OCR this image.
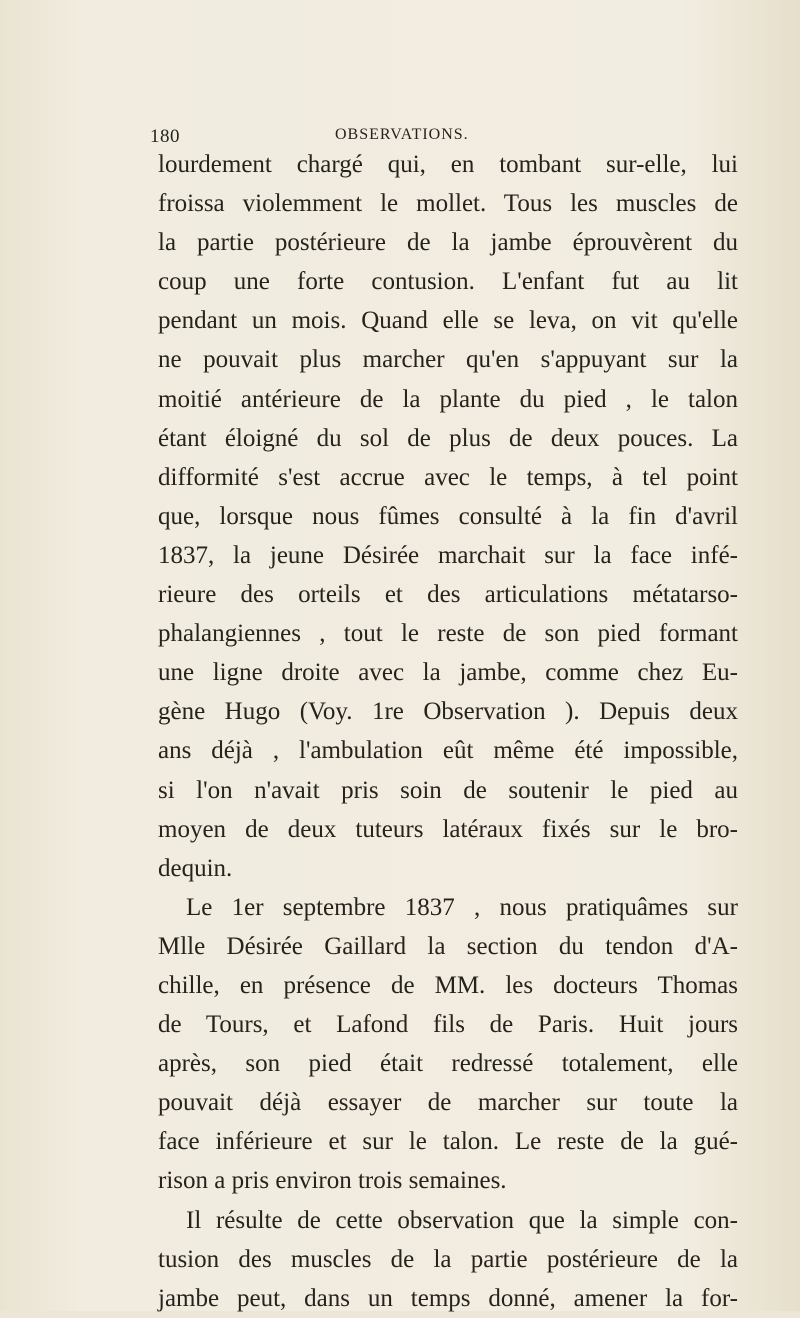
180	OBSERVATIONS.
lourdement chargé qui, en tombant sur-elle, lui
froissa violemment le mollet. Tous les muscles de
la partie postérieure de la jambe éprouvèrent du
coup une forte contusion. L'enfant fut au lit
pendant un mois. Quand elle se leva, on vit qu'elle
ne pouvait plus marcher qu'en s'appuyant sur la
moitié antérieure de la plante du pied , le talon
étant éloigné du sol de plus de deux pouces. La
difformité s'est accrue avec le temps, à tel point
que, lorsque nous fûmes consulté à la fin d'avril
1837, la jeune Désirée marchait sur la face infé-
rieure des orteils et des articulations métatarso-
phalangiennes , tout le reste de son pied formant
une ligne droite avec la jambe, comme chez Eu-
gène Hugo (Voy. 1re Observation ). Depuis deux
ans déjà , l'ambulation eût même été impossible,
si l'on n'avait pris soin de soutenir le pied au
moyen de deux tuteurs latéraux fixés sur le bro-
dequin.
Le 1er septembre 1837 , nous pratiquâmes sur
Mlle Désirée Gaillard la section du tendon d'A-
chille, en présence de MM. les docteurs Thomas
de Tours, et Lafond fils de Paris. Huit jours
après, son pied était redressé totalement, elle
pouvait déjà essayer de marcher sur toute la
face inférieure et sur le talon. Le reste de la gué-
rison a pris environ trois semaines.
Il résulte de cette observation que la simple con-
tusion des muscles de la partie postérieure de la
jambe peut, dans un temps donné, amener la for-
